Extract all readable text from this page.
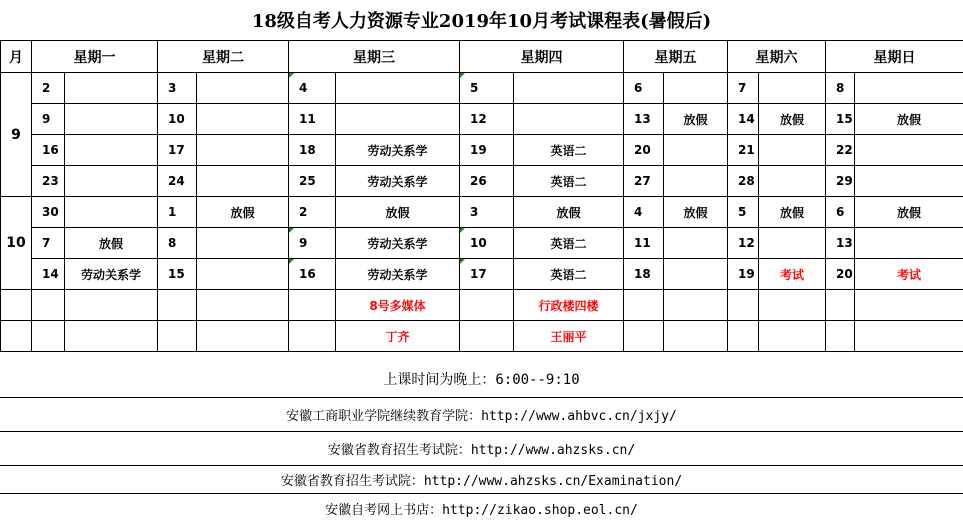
18级自考人力资源专业2019年10月考试课程表(暑假后)
月	星期一		星期二		星期三		星期四		星期五		星期六		星期日	
9	2		3		4		5		6		7		8	
	9		10		11		12		13	放假	14	放假	15	放假
	16		17		18	劳动关系学	19	英语二	20		21		22	
	23		24		25	劳动关系学	26	英语二	27		28		29	
10	30		1	放假	2	放假	3	放假	4	放假	5	放假	6	放假
	7	放假	8		9	劳动关系学	10	英语二	11		12		13	
	14	劳动关系学	15		16	劳动关系学	17	英语二	18		19	考试	20	考试
						8号多媒体		行政楼四楼						
						丁齐		王丽平						
上课时间为晚上：6:00--9:10
安徽工商职业学院继续教育学院：http://www.ahbvc.cn/jxjy/
安徽省教育招生考试院：http://www.ahzsks.cn/
安徽省教育招生考试院：http://www.ahzsks.cn/Examination/
安徽自考网上书店：http://zikao.shop.eol.cn/
